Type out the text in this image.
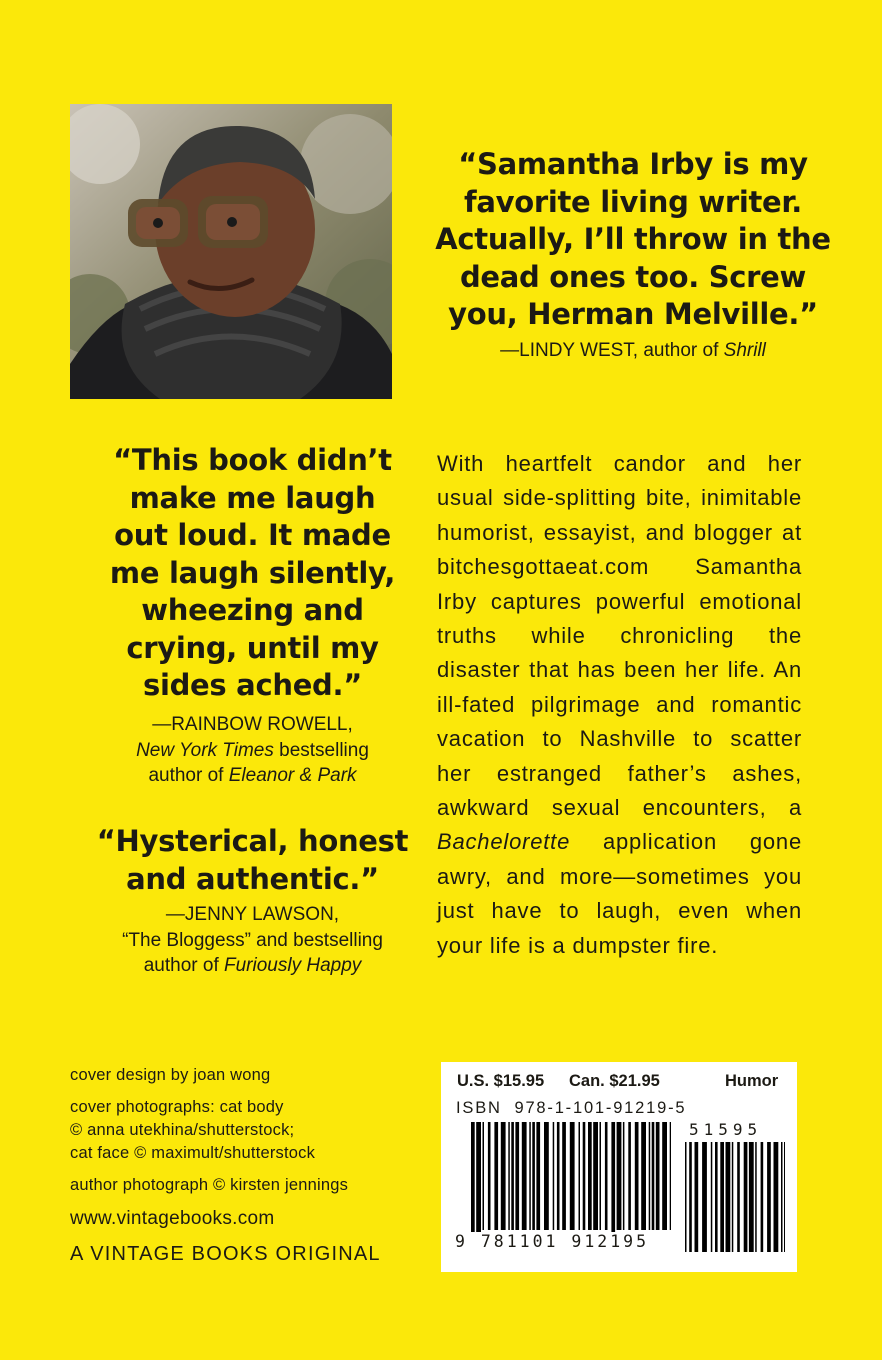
“Samantha Irby is my
favorite living writer.
Actually, I’ll throw in the
dead ones too. Screw
you, Herman Melville.”
—LINDY WEST, author of Shrill
“This book didn’t
make me laugh
out loud. It made
me laugh silently,
wheezing and
crying, until my
sides ached.”
—RAINBOW ROWELL,
New York Times bestselling
author of Eleanor & Park
“Hysterical, honest
and authentic.”
—JENNY LAWSON,
“The Bloggess” and bestselling
author of Furiously Happy
With heartfelt candor and her usual side-splitting bite, inimitable humorist, essayist, and blogger at bitchesgottaeat.com Samantha Irby captures powerful emotional truths while chronicling the disaster that has been her life. An ill-fated pilgrimage and romantic vacation to Nashville to scatter her estranged father’s ashes, awkward sexual encounters, a Bachelorette application gone awry, and more—sometimes you just have to laugh, even when your life is a dumpster fire.
cover design by joan wong
cover photographs: cat body
© anna utekhina/shutterstock;
cat face © maximult/shutterstock
author photograph © kirsten jennings
www.vintagebooks.com
A VINTAGE BOOKS ORIGINAL
U.S. $15.95 Can. $21.95	Humor
ISBN  978-1-101-91219-5
51595
9 781101 912195
